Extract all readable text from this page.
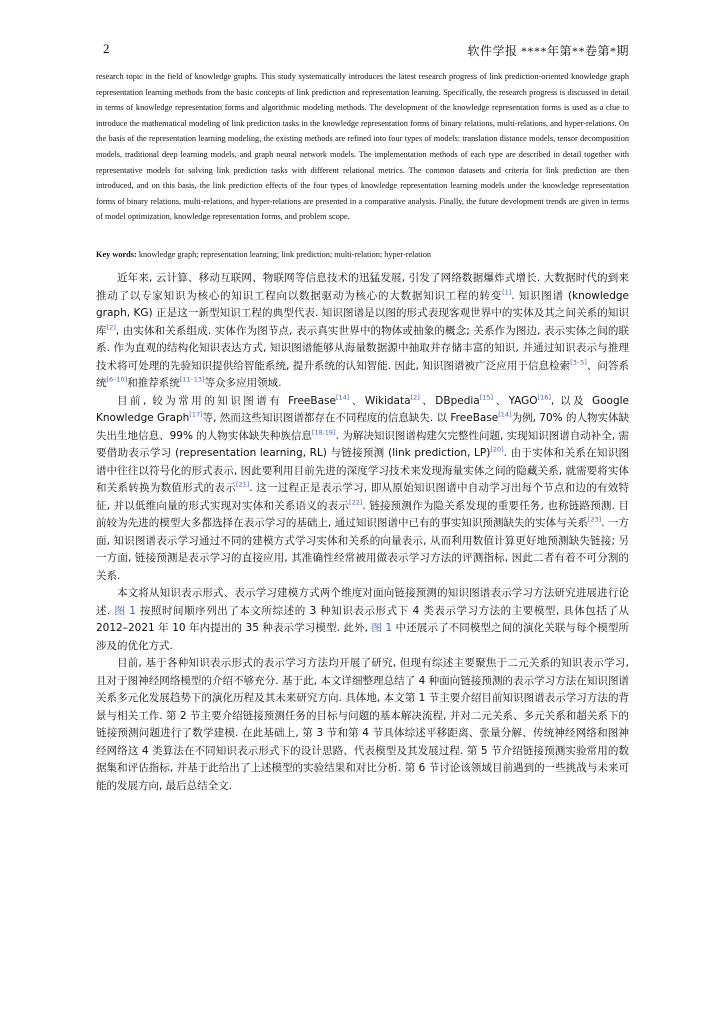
2	软件学报 ****年第**卷第*期
research topic in the field of knowledge graphs. This study systematically introduces the latest research progress of link prediction-oriented knowledge graph representation learning methods from the basic concepts of link prediction and representation learning. Specifically, the research progress is discussed in detail in terms of knowledge representation forms and algorithmic modeling methods. The development of the knowledge representation forms is used as a clue to introduce the mathematical modeling of link prediction tasks in the knowledge representation forms of binary relations, multi-relations, and hyper-relations. On the basis of the representation learning modeling, the existing methods are refined into four types of models: translation distance models, tensor decomposition models, traditional deep learning models, and graph neural network models. The implementation methods of each type are described in detail together with representative models for solving link prediction tasks with different relational metrics. The common datasets and criteria for link prediction are then introduced, and on this basis, the link prediction effects of the four types of knowledge representation learning models under the knowledge representation forms of binary relations, multi-relations, and hyper-relations are presented in a comparative analysis. Finally, the future development trends are given in terms of model optimization, knowledge representation forms, and problem scope.
Key words: knowledge graph; representation learning; link prediction; multi-relation; hyper-relation

近年来, 云计算、移动互联网、物联网等信息技术的迅猛发展, 引发了网络数据爆炸式增长. 大数据时代的到来推动了以专家知识为核心的知识工程向以数据驱动为核心的大数据知识工程的转变[1]. 知识图谱 (knowledge graph, KG) 正是这一新型知识工程的典型代表. 知识图谱是以图的形式表现客观世界中的实体及其之间关系的知识库[2], 由实体和关系组成. 实体作为图节点, 表示真实世界中的物体或抽象的概念; 关系作为图边, 表示实体之间的联系. 作为直观的结构化知识表达方式, 知识图谱能够从海量数据源中抽取并存储丰富的知识, 并通过知识表示与推理技术将可处理的先验知识提供给智能系统, 提升系统的认知智能. 因此, 知识图谱被广泛应用于信息检索[3–5]、问答系统[6–10]和推荐系统[11–13]等众多应用领域.

目前, 较为常用的知识图谱有 FreeBase[14]、Wikidata[2]、DBpedia[15]、YAGO[16], 以及 Google Knowledge Graph[17]等, 然而这些知识图谱都存在不同程度的信息缺失. 以 FreeBase[14]为例, 70% 的人物实体缺失出生地信息、99% 的人物实体缺失种族信息[18,19]. 为解决知识图谱构建欠完整性问题, 实现知识图谱自动补全, 需要借助表示学习 (representation learning, RL) 与链接预测 (link prediction, LP)[20]. 由于实体和关系在知识图谱中往往以符号化的形式表示, 因此要利用目前先进的深度学习技术来发现海量实体之间的隐藏关系, 就需要将实体和关系转换为数值形式的表示[21]. 这一过程正是表示学习, 即从原始知识图谱中自动学习出每个节点和边的有效特征, 并以低维向量的形式实现对实体和关系语义的表示[22]. 链接预测作为隐关系发现的重要任务, 也称链路预测. 目前较为先进的模型大多都选择在表示学习的基础上, 通过知识图谱中已有的事实知识预测缺失的实体与关系[23]. 一方面, 知识图谱表示学习通过不同的建模方式学习实体和关系的向量表示, 从而利用数值计算更好地预测缺失链接; 另一方面, 链接预测是表示学习的直接应用, 其准确性经常被用做表示学习方法的评测指标, 因此二者有着不可分割的关系.

本文将从知识表示形式、表示学习建模方式两个维度对面向链接预测的知识图谱表示学习方法研究进展进行论述. 图 1 按照时间顺序列出了本文所综述的 3 种知识表示形式下 4 类表示学习方法的主要模型, 具体包括了从 2012–2021 年 10 年内提出的 35 种表示学习模型. 此外, 图 1 中还展示了不同模型之间的演化关联与每个模型所涉及的优化方式.

目前, 基于各种知识表示形式的表示学习方法均开展了研究, 但现有综述主要聚焦于二元关系的知识表示学习, 且对于图神经网络模型的介绍不够充分. 基于此, 本文详细整理总结了 4 种面向链接预测的表示学习方法在知识图谱关系多元化发展趋势下的演化历程及其未来研究方向. 具体地, 本文第 1 节主要介绍目前知识图谱表示学习方法的背景与相关工作. 第 2 节主要介绍链接预测任务的目标与问题的基本解决流程, 并对二元关系、多元关系和超关系下的链接预测问题进行了数学建模. 在此基础上, 第 3 节和第 4 节具体综述平移距离、张量分解、传统神经网络和图神经网络这 4 类算法在不同知识表示形式下的设计思路、代表模型及其发展过程. 第 5 节介绍链接预测实验常用的数据集和评估指标, 并基于此给出了上述模型的实验结果和对比分析. 第 6 节讨论该领域目前遇到的一些挑战与未来可能的发展方向, 最后总结全文.
